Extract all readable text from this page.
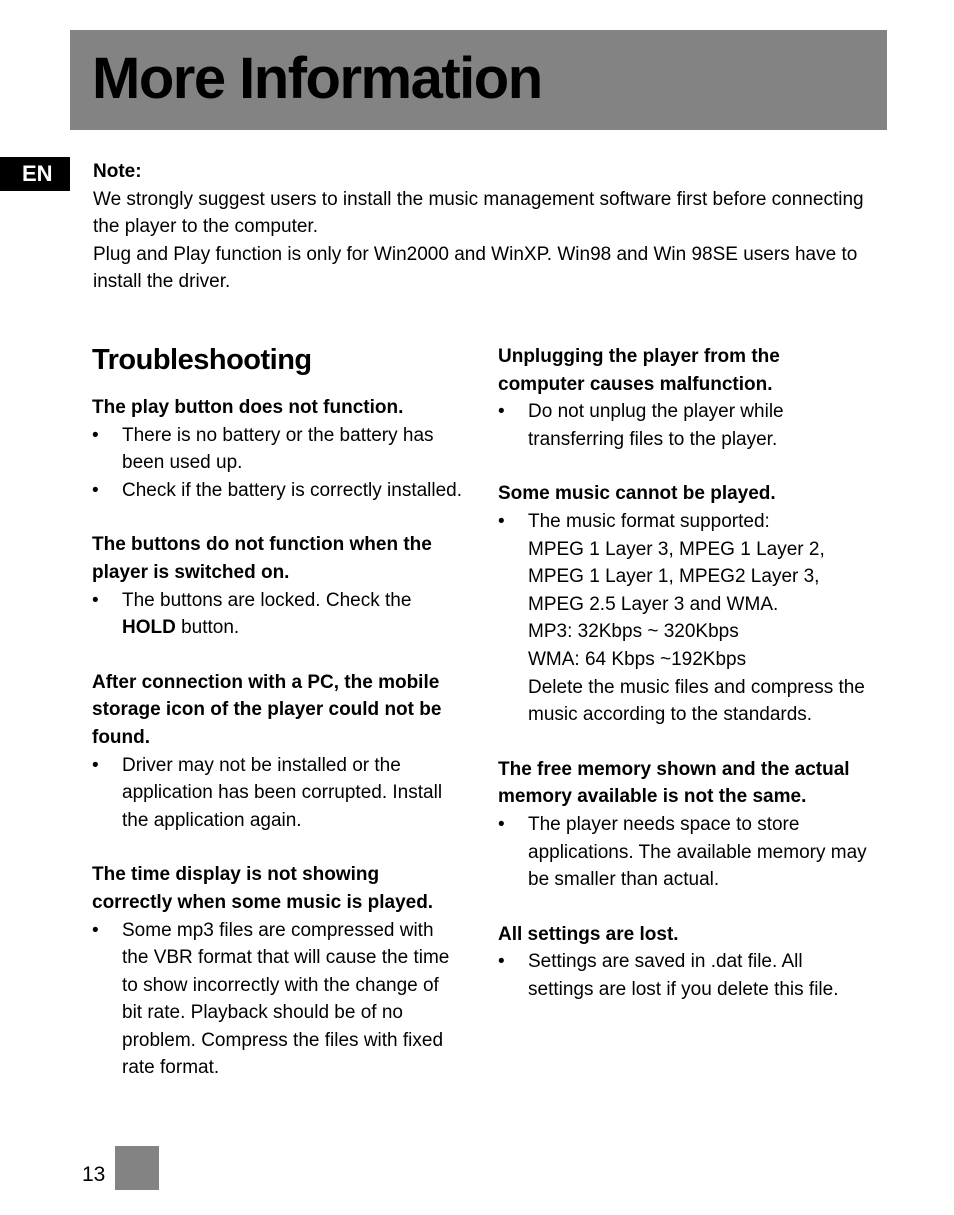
More Information
EN	Note:

We strongly suggest users to install the music management software first before connecting the player to the computer.

Plug and Play function is only for Win2000 and WinXP. Win98 and Win 98SE users have to install the driver.

Troubleshooting

The play button does not function.

• There is no battery or the battery has been used up.
• Check if the battery is correctly installed.

The buttons do not function when the player is switched on.

• The buttons are locked. Check the HOLD button.

After connection with a PC, the mobile storage icon of the player could not be found.

• Driver may not be installed or the application has been corrupted. Install the application again.

The time display is not showing correctly when some music is played.

• Some mp3 files are compressed with the VBR format that will cause the time to show incorrectly with the change of bit rate. Playback should be of no problem. Compress the files with fixed rate format.

Unplugging the player from the computer causes malfunction.

• Do not unplug the player while transferring files to the player.

Some music cannot be played.

• The music format supported:
MPEG 1 Layer 3, MPEG 1 Layer 2, MPEG 1 Layer 1, MPEG2 Layer 3, MPEG 2.5 Layer 3 and WMA.
MP3: 32Kbps ~ 320Kbps
WMA: 64 Kbps ~192Kbps
Delete the music files and compress the music according to the standards.

The free memory shown and the actual memory available is not the same.

• The player needs space to store applications. The available memory may be smaller than actual.

All settings are lost.

• Settings are saved in .dat file. All settings are lost if you delete this file.
13
